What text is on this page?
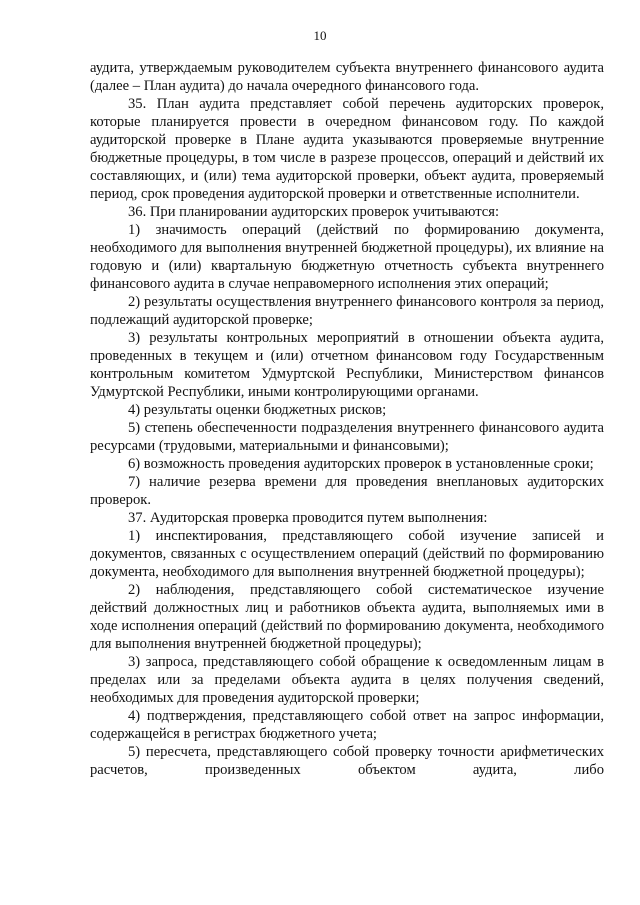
10

аудита, утверждаемым руководителем субъекта внутреннего финансового аудита (далее – План аудита) до начала очередного финансового года.

35. План аудита представляет собой перечень аудиторских проверок, которые планируется провести в очередном финансовом году. По каждой аудиторской проверке в Плане аудита указываются проверяемые внутренние бюджетные процедуры, в том числе в разрезе процессов, операций и действий их составляющих, и (или) тема аудиторской проверки, объект аудита, проверяемый период, срок проведения аудиторской проверки и ответственные исполнители.

36. При планировании аудиторских проверок учитываются:

1) значимость операций (действий по формированию документа, необходимого для выполнения внутренней бюджетной процедуры), их влияние на годовую и (или) квартальную бюджетную отчетность субъекта внутреннего финансового аудита в случае неправомерного исполнения этих операций;

2) результаты осуществления внутреннего финансового контроля за период, подлежащий аудиторской проверке;

3) результаты контрольных мероприятий в отношении объекта аудита, проведенных в текущем и (или) отчетном финансовом году Государственным контрольным комитетом Удмуртской Республики, Министерством финансов Удмуртской Республики, иными контролирующими органами.

4) результаты оценки бюджетных рисков;

5) степень обеспеченности подразделения внутреннего финансового аудита ресурсами (трудовыми, материальными и финансовыми);

6) возможность проведения аудиторских проверок в установленные сроки;

7) наличие резерва времени для проведения внеплановых аудиторских проверок.

37. Аудиторская проверка проводится путем выполнения:

1) инспектирования, представляющего собой изучение записей и документов, связанных с осуществлением операций (действий по формированию документа, необходимого для выполнения внутренней бюджетной процедуры);

2) наблюдения, представляющего собой систематическое изучение действий должностных лиц и работников объекта аудита, выполняемых ими в ходе исполнения операций (действий по формированию документа, необходимого для выполнения внутренней бюджетной процедуры);

3) запроса, представляющего собой обращение к осведомленным лицам в пределах или за пределами объекта аудита в целях получения сведений, необходимых для проведения аудиторской проверки;

4) подтверждения, представляющего собой ответ на запрос информации, содержащейся в регистрах бюджетного учета;

5) пересчета, представляющего собой проверку точности арифметических расчетов, произведенных объектом аудита, либо
